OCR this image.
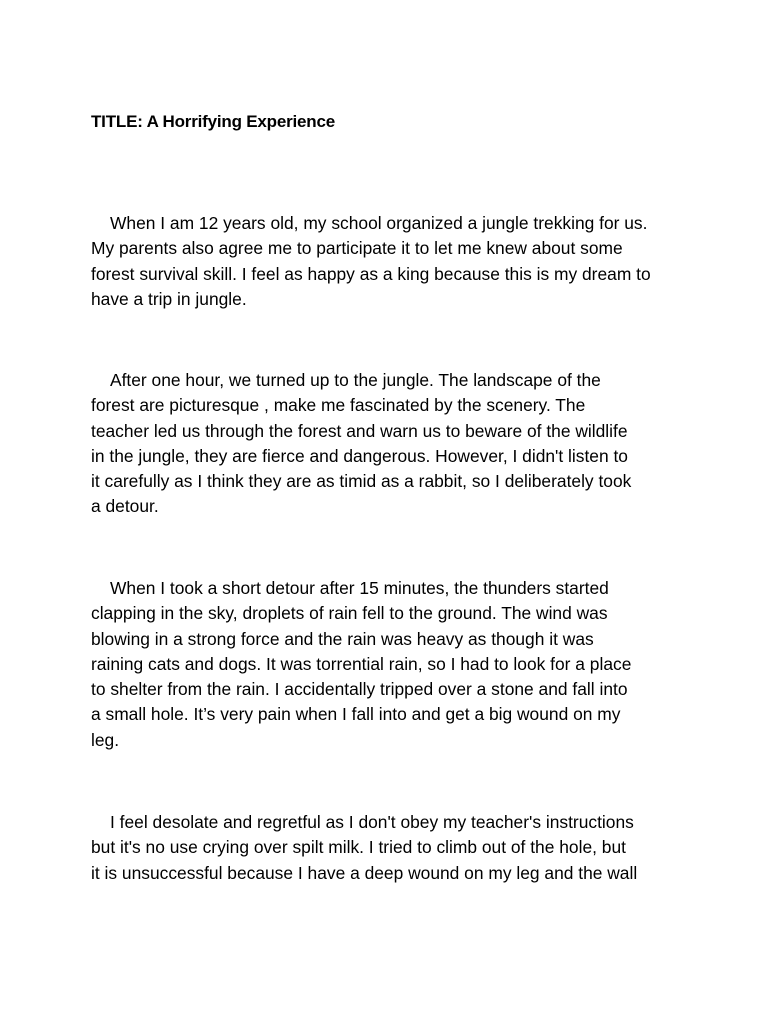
TITLE: A Horrifying Experience
When I am 12 years old, my school organized a jungle trekking for us.
My parents also agree me to participate it to let me knew about some
forest survival skill. I feel as happy as a king because this is my dream to
have a trip in jungle.
After one hour, we turned up to the jungle. The landscape of the
forest are picturesque , make me fascinated by the scenery. The
teacher led us through the forest and warn us to beware of the wildlife
in the jungle, they are fierce and dangerous. However, I didn't listen to
it carefully as I think they are as timid as a rabbit, so I deliberately took
a detour.
When I took a short detour after 15 minutes, the thunders started
clapping in the sky, droplets of rain fell to the ground. The wind was
blowing in a strong force and the rain was heavy as though it was
raining cats and dogs. It was torrential rain, so I had to look for a place
to shelter from the rain. I accidentally tripped over a stone and fall into
a small hole. It’s very pain when I fall into and get a big wound on my
leg.
I feel desolate and regretful as I don't obey my teacher's instructions
but it's no use crying over spilt milk. I tried to climb out of the hole, but
it is unsuccessful because I have a deep wound on my leg and the wall
